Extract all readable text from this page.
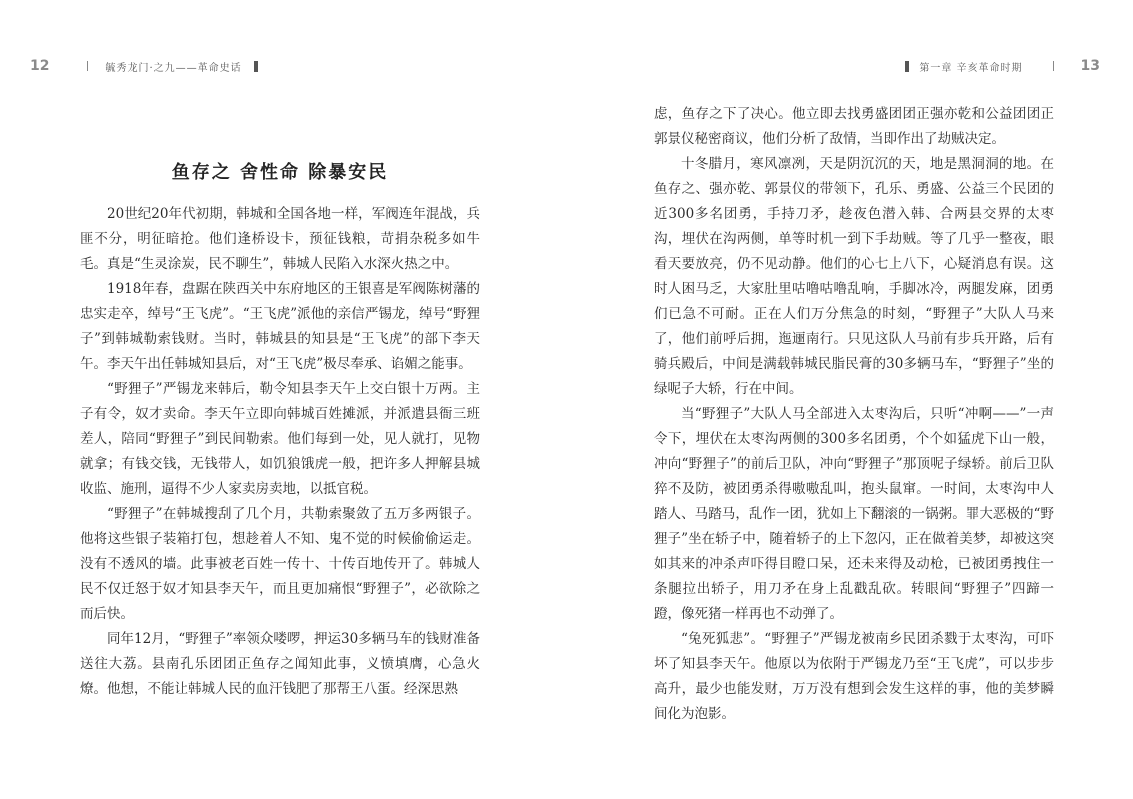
12	毓秀龙门·之九——革命史话
鱼存之 舍性命 除暴安民

20世纪20年代初期，韩城和全国各地一样，军阀连年混战，兵匪不分，明征暗抢。他们逢桥设卡，预征钱粮，苛捐杂税多如牛毛。真是“生灵涂炭，民不聊生”，韩城人民陷入水深火热之中。

1918年春，盘踞在陕西关中东府地区的王银喜是军阀陈树藩的忠实走卒，绰号“王飞虎”。“王飞虎”派他的亲信严锡龙，绰号“野狸子”到韩城勒索钱财。当时，韩城县的知县是“王飞虎”的部下李天午。李天午出任韩城知县后，对“王飞虎”极尽奉承、谄媚之能事。

“野狸子”严锡龙来韩后，勒令知县李天午上交白银十万两。主子有令，奴才卖命。李天午立即向韩城百姓摊派，并派遣县衙三班差人，陪同“野狸子”到民间勒索。他们每到一处，见人就打，见物就拿；有钱交钱，无钱带人，如饥狼饿虎一般，把许多人押解县城收监、施刑，逼得不少人家卖房卖地，以抵官税。

“野狸子”在韩城搜刮了几个月，共勒索聚敛了五万多两银子。他将这些银子装箱打包，想趁着人不知、鬼不觉的时候偷偷运走。没有不透风的墙。此事被老百姓一传十、十传百地传开了。韩城人民不仅迁怒于奴才知县李天午，而且更加痛恨“野狸子”，必欲除之而后快。

同年12月，“野狸子”率领众喽啰，押运30多辆马车的钱财准备送往大荔。县南孔乐团团正鱼存之闻知此事，义愤填膺，心急火燎。他想，不能让韩城人民的血汗钱肥了那帮王八蛋。经深思熟

第一章 辛亥革命时期	13

虑，鱼存之下了决心。他立即去找勇盛团团正强亦乾和公益团团正郭景仪秘密商议，他们分析了敌情，当即作出了劫贼决定。

十冬腊月，寒风凛冽，天是阴沉沉的天，地是黑洞洞的地。在鱼存之、强亦乾、郭景仪的带领下，孔乐、勇盛、公益三个民团的近300多名团勇，手持刀矛，趁夜色潜入韩、合两县交界的太枣沟，埋伏在沟两侧，单等时机一到下手劫贼。等了几乎一整夜，眼看天要放亮，仍不见动静。他们的心七上八下，心疑消息有误。这时人困马乏，大家肚里咕噜咕噜乱响，手脚冰冷，两腿发麻，团勇们已急不可耐。正在人们万分焦急的时刻，“野狸子”大队人马来了，他们前呼后拥，迤逦南行。只见这队人马前有步兵开路，后有骑兵殿后，中间是满载韩城民脂民膏的30多辆马车，“野狸子”坐的绿呢子大轿，行在中间。

当“野狸子”大队人马全部进入太枣沟后，只听“冲啊——”一声令下，埋伏在太枣沟两侧的300多名团勇，个个如猛虎下山一般，冲向“野狸子”的前后卫队，冲向“野狸子”那顶呢子绿轿。前后卫队猝不及防，被团勇杀得嗷嗷乱叫，抱头鼠窜。一时间，太枣沟中人踏人、马踏马，乱作一团，犹如上下翻滚的一锅粥。罪大恶极的“野狸子”坐在轿子中，随着轿子的上下忽闪，正在做着美梦，却被这突如其来的冲杀声吓得目瞪口呆，还未来得及动枪，已被团勇拽住一条腿拉出轿子，用刀矛在身上乱戳乱砍。转眼间“野狸子”四蹄一蹬，像死猪一样再也不动弹了。

“兔死狐悲”。“野狸子”严锡龙被南乡民团杀戮于太枣沟，可吓坏了知县李天午。他原以为依附于严锡龙乃至“王飞虎”，可以步步高升，最少也能发财，万万没有想到会发生这样的事，他的美梦瞬间化为泡影。
